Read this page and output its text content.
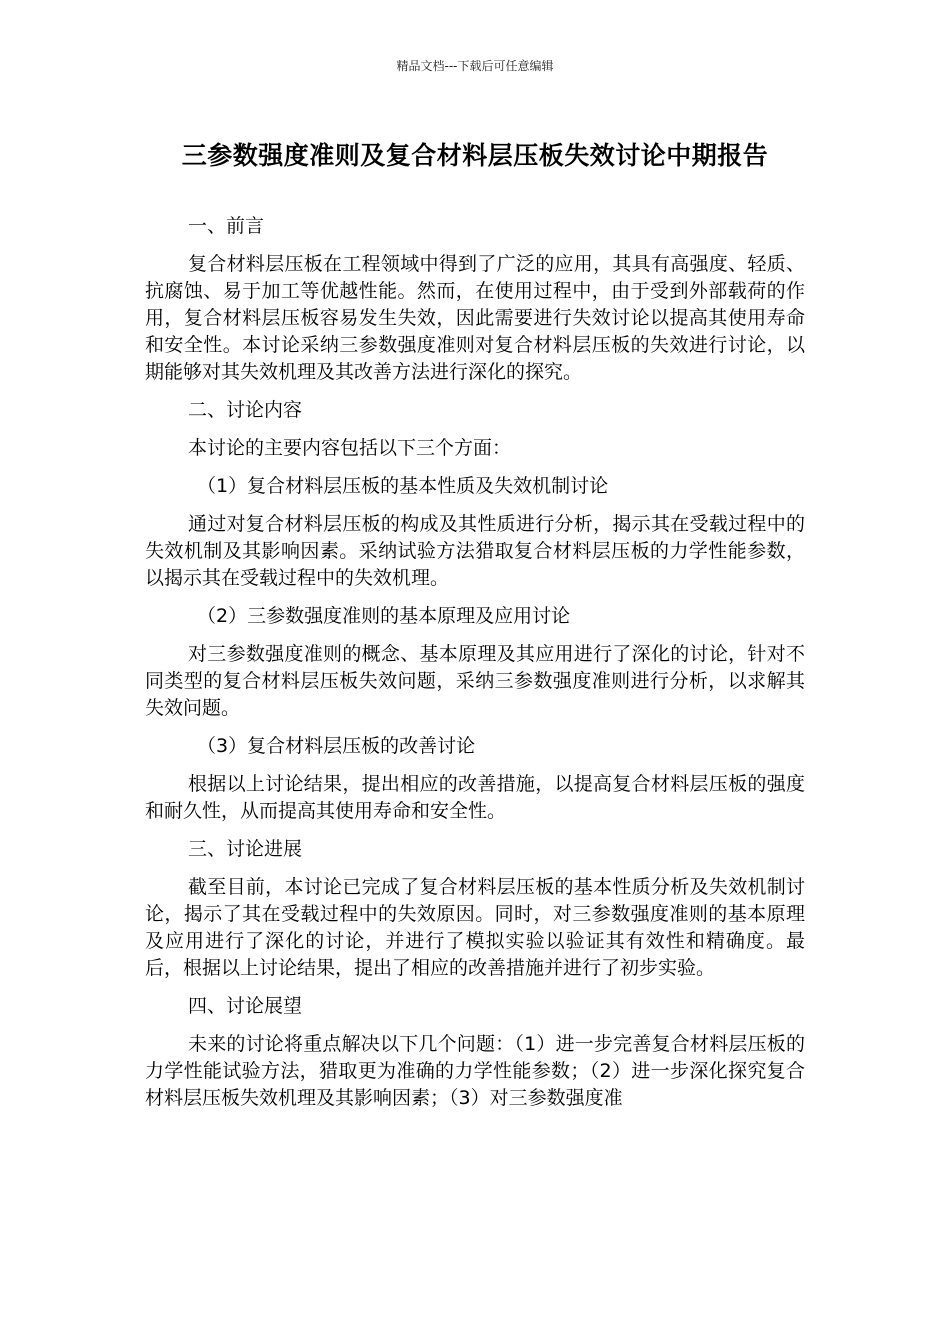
精品文档---下载后可任意编辑
三参数强度准则及复合材料层压板失效讨论中期报告

一、前言

复合材料层压板在工程领域中得到了广泛的应用，其具有高强度、轻质、抗腐蚀、易于加工等优越性能。然而，在使用过程中，由于受到外部载荷的作用，复合材料层压板容易发生失效，因此需要进行失效讨论以提高其使用寿命和安全性。本讨论采纳三参数强度准则对复合材料层压板的失效进行讨论，以期能够对其失效机理及其改善方法进行深化的探究。

二、讨论内容

本讨论的主要内容包括以下三个方面：

（1）复合材料层压板的基本性质及失效机制讨论

通过对复合材料层压板的构成及其性质进行分析，揭示其在受载过程中的失效机制及其影响因素。采纳试验方法猎取复合材料层压板的力学性能参数，以揭示其在受载过程中的失效机理。

（2）三参数强度准则的基本原理及应用讨论

对三参数强度准则的概念、基本原理及其应用进行了深化的讨论，针对不同类型的复合材料层压板失效问题，采纳三参数强度准则进行分析，以求解其失效问题。

（3）复合材料层压板的改善讨论

根据以上讨论结果，提出相应的改善措施，以提高复合材料层压板的强度和耐久性，从而提高其使用寿命和安全性。

三、讨论进展

截至目前，本讨论已完成了复合材料层压板的基本性质分析及失效机制讨论，揭示了其在受载过程中的失效原因。同时，对三参数强度准则的基本原理及应用进行了深化的讨论，并进行了模拟实验以验证其有效性和精确度。最后，根据以上讨论结果，提出了相应的改善措施并进行了初步实验。

四、讨论展望

未来的讨论将重点解决以下几个问题：（1）进一步完善复合材料层压板的力学性能试验方法，猎取更为准确的力学性能参数；（2）进一步深化探究复合材料层压板失效机理及其影响因素；（3）对三参数强度准
